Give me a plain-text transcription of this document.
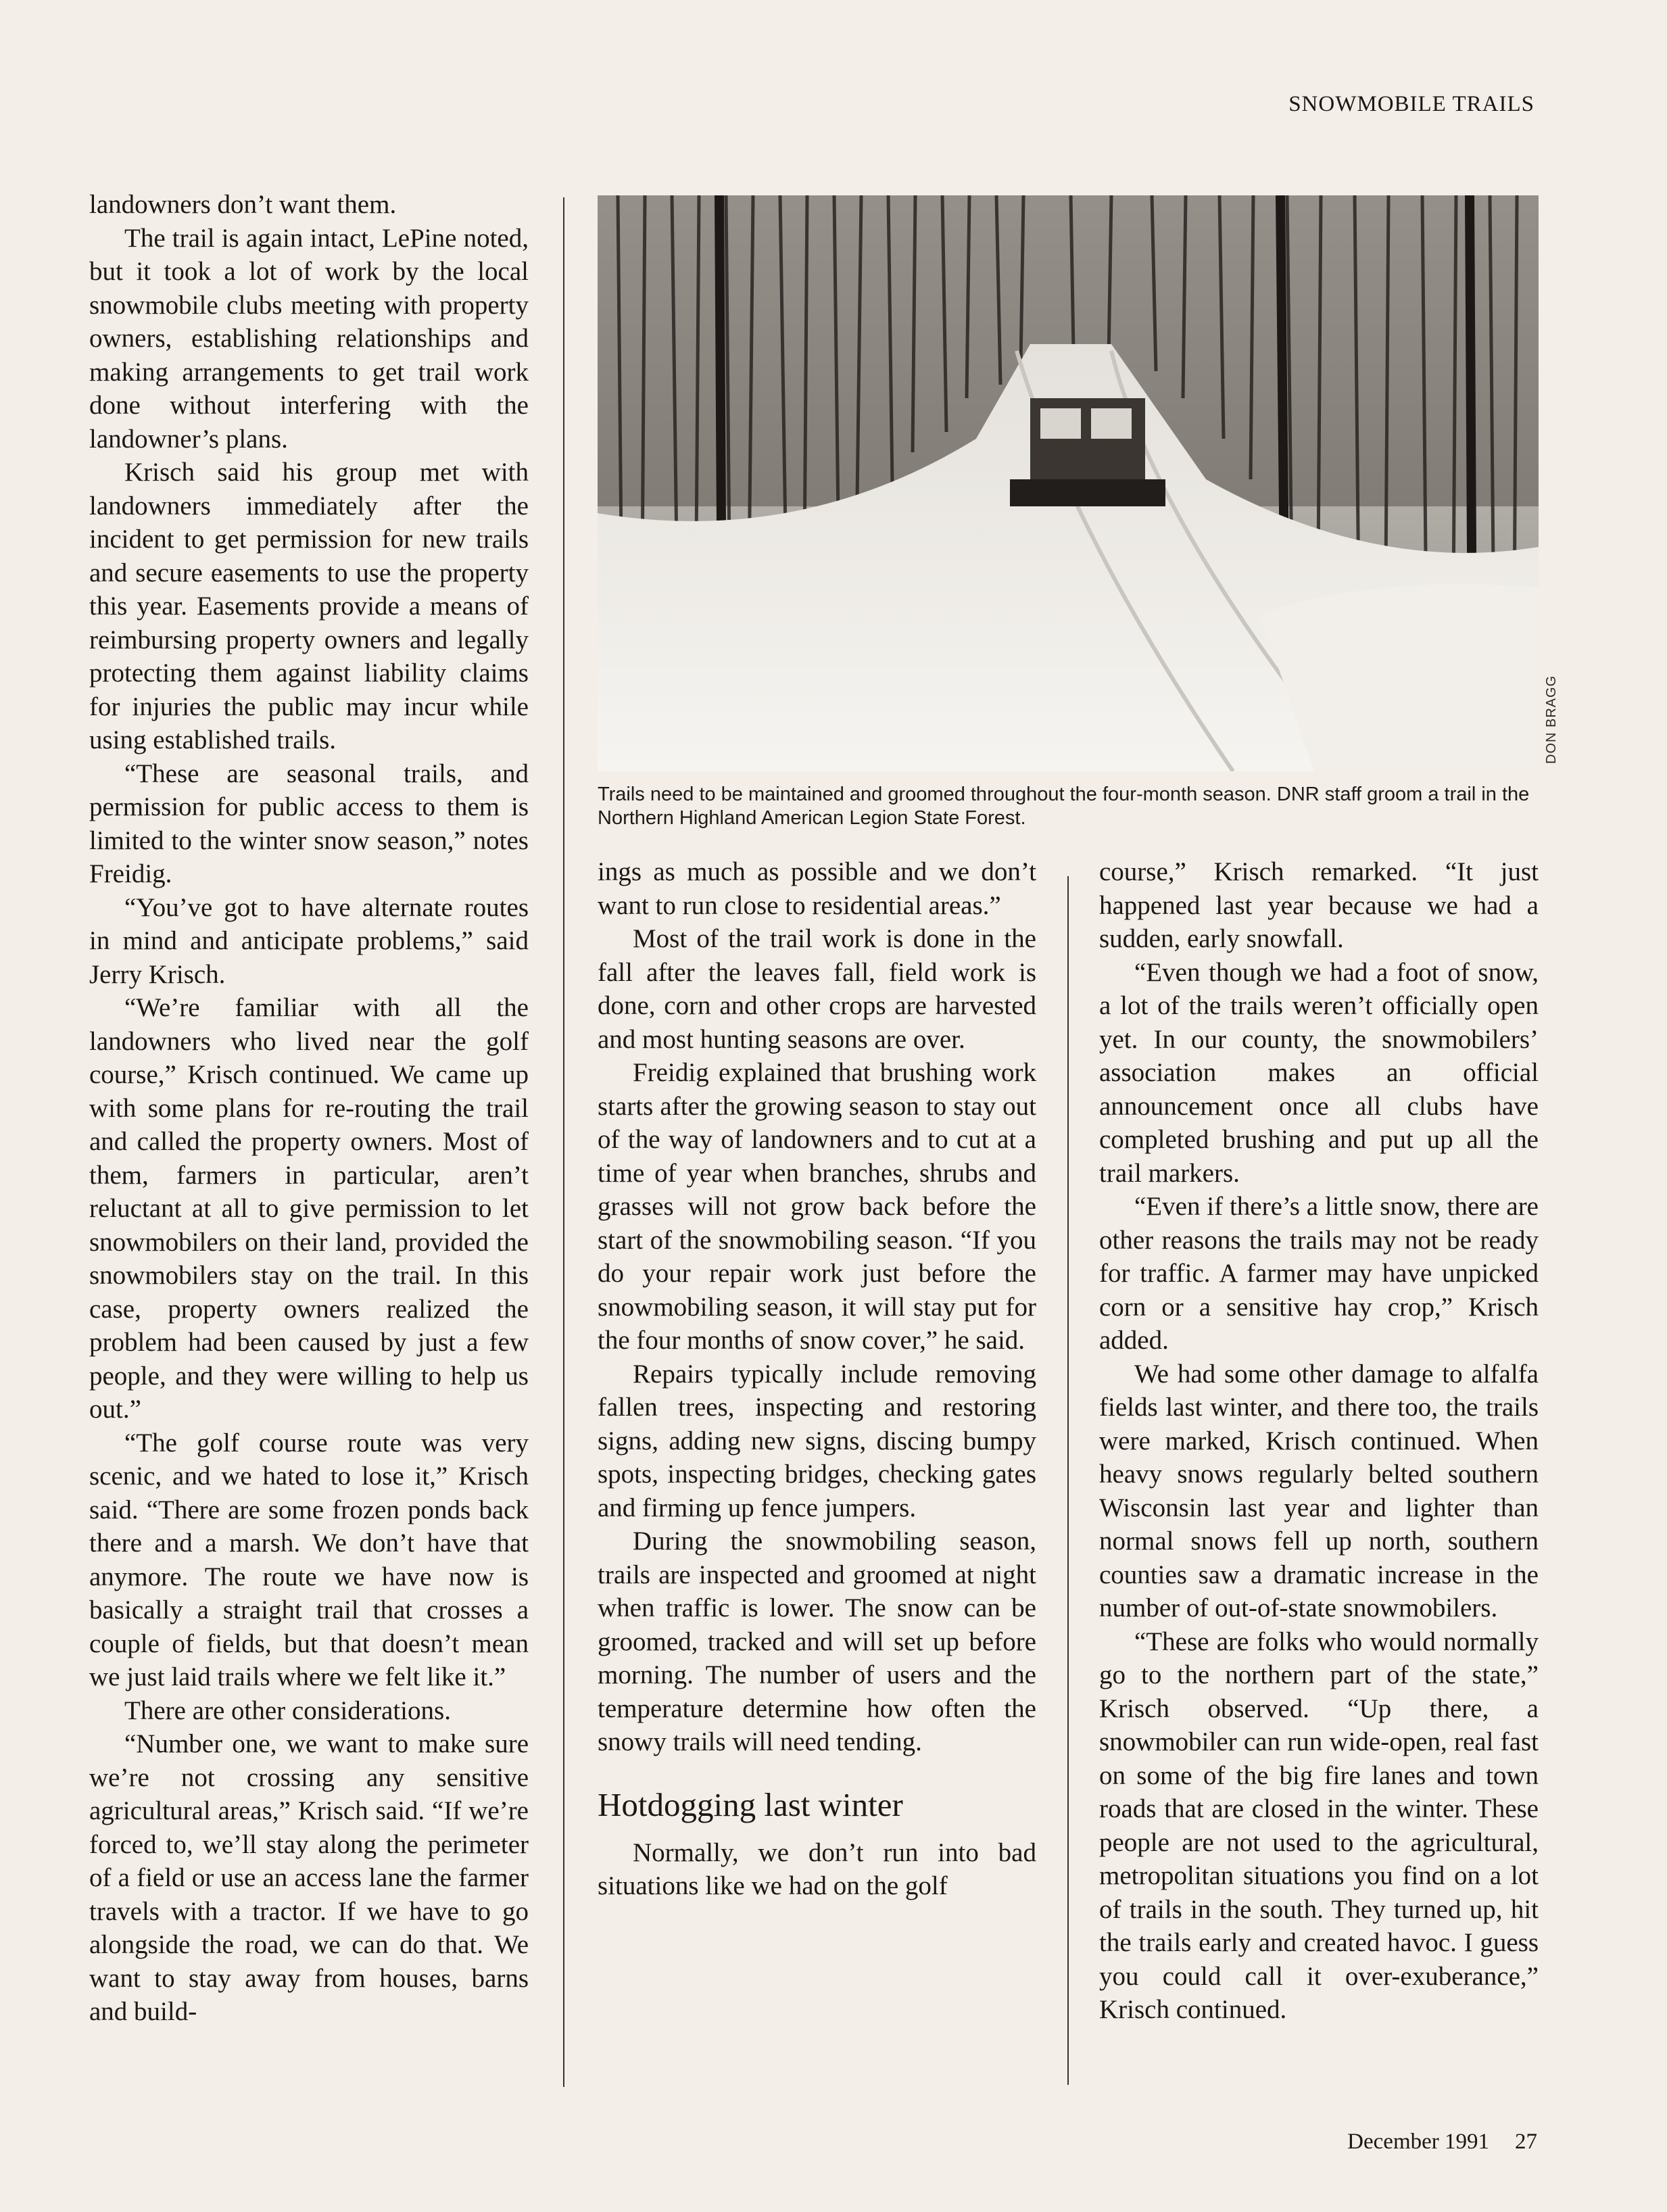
SNOWMOBILE TRAILS

landowners don’t want them.

The trail is again intact, LePine noted, but it took a lot of work by the local snowmobile clubs meeting with property owners, establishing relationships and making arrangements to get trail work done without interfering with the landowner’s plans.

Krisch said his group met with landowners immediately after the incident to get permission for new trails and secure easements to use the property this year. Easements provide a means of reimbursing property owners and legally protecting them against liability claims for injuries the public may incur while using established trails.

“These are seasonal trails, and permission for public access to them is limited to the winter snow season,” notes Freidig.

“You’ve got to have alternate routes in mind and anticipate problems,” said Jerry Krisch.

“We’re familiar with all the landowners who lived near the golf course,” Krisch continued. We came up with some plans for re-routing the trail and called the property owners. Most of them, farmers in particular, aren’t reluctant at all to give permission to let snowmobilers on their land, provided the snowmobilers stay on the trail. In this case, property owners realized the problem had been caused by just a few people, and they were willing to help us out.”

“The golf course route was very scenic, and we hated to lose it,” Krisch said. “There are some frozen ponds back there and a marsh. We don’t have that anymore. The route we have now is basically a straight trail that crosses a couple of fields, but that doesn’t mean we just laid trails where we felt like it.”

There are other considerations.

“Number one, we want to make sure we’re not crossing any sensitive agricultural areas,” Krisch said. “If we’re forced to, we’ll stay along the perimeter of a field or use an access lane the farmer travels with a tractor. If we have to go alongside the road, we can do that. We want to stay away from houses, barns and build-

DON BRAGG
Trails need to be maintained and groomed throughout the four-month season. DNR staff groom a trail in the Northern Highland American Legion State Forest.

ings as much as possible and we don’t want to run close to residential areas.”

Most of the trail work is done in the fall after the leaves fall, field work is done, corn and other crops are harvested and most hunting seasons are over.

Freidig explained that brushing work starts after the growing season to stay out of the way of landowners and to cut at a time of year when branches, shrubs and grasses will not grow back before the start of the snowmobiling season. “If you do your repair work just before the snowmobiling season, it will stay put for the four months of snow cover,” he said.

Repairs typically include removing fallen trees, inspecting and restoring signs, adding new signs, discing bumpy spots, inspecting bridges, checking gates and firming up fence jumpers.

During the snowmobiling season, trails are inspected and groomed at night when traffic is lower. The snow can be groomed, tracked and will set up before morning. The number of users and the temperature determine how often the snowy trails will need tending.

Hotdogging last winter

Normally, we don’t run into bad situations like we had on the golf

course,” Krisch remarked. “It just happened last year because we had a sudden, early snowfall.

“Even though we had a foot of snow, a lot of the trails weren’t officially open yet. In our county, the snowmobilers’ association makes an official announcement once all clubs have completed brushing and put up all the trail markers.

“Even if there’s a little snow, there are other reasons the trails may not be ready for traffic. A farmer may have unpicked corn or a sensitive hay crop,” Krisch added.

We had some other damage to alfalfa fields last winter, and there too, the trails were marked, Krisch continued. When heavy snows regularly belted southern Wisconsin last year and lighter than normal snows fell up north, southern counties saw a dramatic increase in the number of out-of-state snowmobilers.

“These are folks who would normally go to the northern part of the state,” Krisch observed. “Up there, a snowmobiler can run wide-open, real fast on some of the big fire lanes and town roads that are closed in the winter. These people are not used to the agricultural, metropolitan situations you find on a lot of trails in the south. They turned up, hit the trails early and created havoc. I guess you could call it over-exuberance,” Krisch continued.

December 1991 27
